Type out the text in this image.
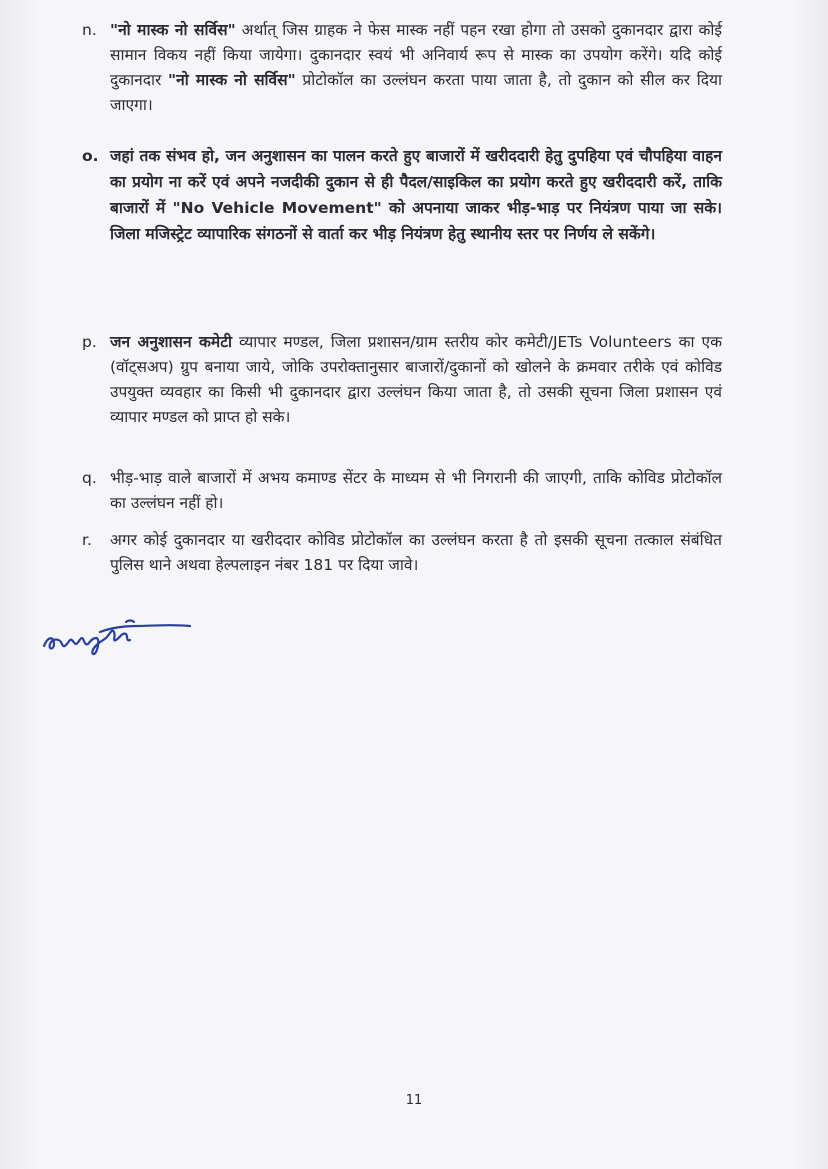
n. "नो मास्क नो सर्विस" अर्थात् जिस ग्राहक ने फेस मास्क नहीं पहन रखा होगा तो उसको दुकानदार द्वारा कोई सामान विकय नहीं किया जायेगा। दुकानदार स्वयं भी अनिवार्य रूप से मास्क का उपयोग करेंगे। यदि कोई दुकानदार "नो मास्क नो सर्विस" प्रोटोकॉल का उल्लंघन करता पाया जाता है, तो दुकान को सील कर दिया जाएगा।
o. जहां तक संभव हो, जन अनुशासन का पालन करते हुए बाजारों में खरीददारी हेतु दुपहिया एवं चौपहिया वाहन का प्रयोग ना करें एवं अपने नजदीकी दुकान से ही पैदल/साइकिल का प्रयोग करते हुए खरीददारी करें, ताकि बाजारों में "No Vehicle Movement" को अपनाया जाकर भीड़-भाड़ पर नियंत्रण पाया जा सके। जिला मजिस्ट्रेट व्यापारिक संगठनों से वार्ता कर भीड़ नियंत्रण हेतु स्थानीय स्तर पर निर्णय ले सकेंगे।
p. जन अनुशासन कमेटी व्यापार मण्डल, जिला प्रशासन/ग्राम स्तरीय कोर कमेटी/JETs Volunteers का एक (वॉट्सअप) ग्रुप बनाया जाये, जोकि उपरोक्तानुसार बाजारों/दुकानों को खोलने के क्रमवार तरीके एवं कोविड उपयुक्त व्यवहार का किसी भी दुकानदार द्वारा उल्लंघन किया जाता है, तो उसकी सूचना जिला प्रशासन एवं व्यापार मण्डल को प्राप्त हो सके।
q. भीड़-भाड़ वाले बाजारों में अभय कमाण्ड सेंटर के माध्यम से भी निगरानी की जाएगी, ताकि कोविड प्रोटोकॉल का उल्लंघन नहीं हो।
r.	अगर कोई दुकानदार या खरीददार कोविड प्रोटोकॉल का उल्लंघन करता है तो इसकी सूचना तत्काल संबंधित पुलिस थाने अथवा हेल्पलाइन नंबर 181 पर दिया जावे।
11
